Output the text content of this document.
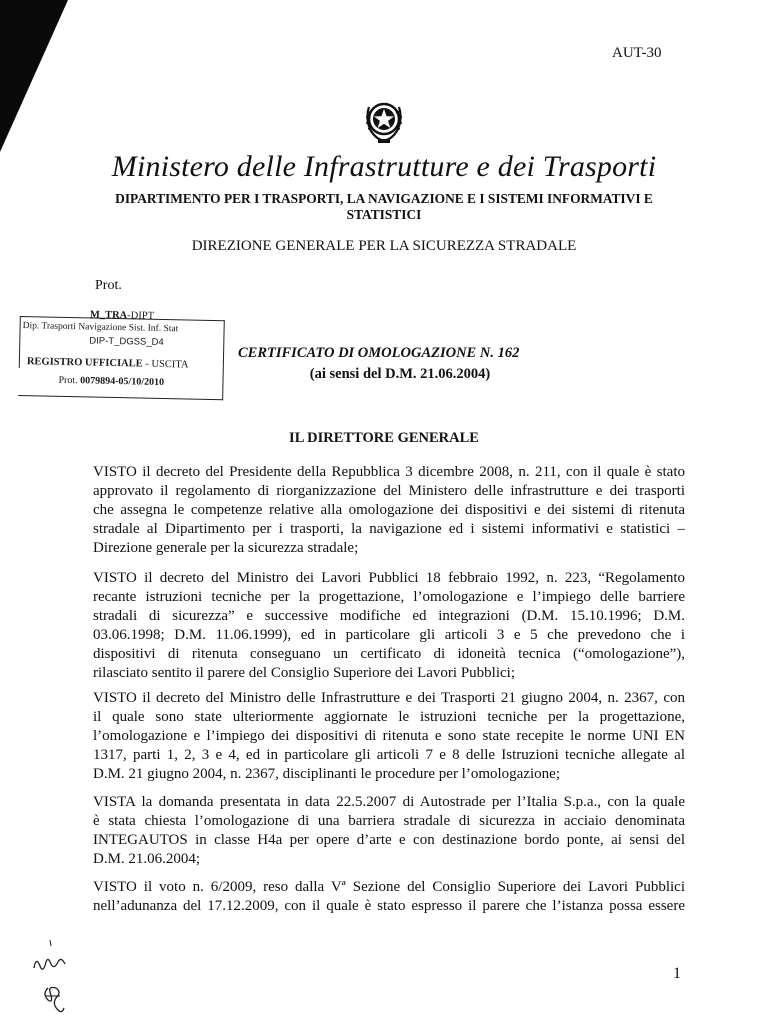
AUT-30
Ministero delle Infrastrutture e dei Trasporti
DIPARTIMENTO PER I TRASPORTI, LA NAVIGAZIONE E I SISTEMI INFORMATIVI E
STATISTICI
DIREZIONE GENERALE PER LA SICUREZZA STRADALE
Prot.
M_TRA-DIPT
Dip. Trasporti Navigazione Sist. Inf. Stat
DIP-T_DGSS_D4
REGISTRO UFFICIALE - USCITA
Prot. 0079894-05/10/2010
CERTIFICATO DI OMOLOGAZIONE N. 162
(ai sensi del D.M. 21.06.2004)
IL DIRETTORE GENERALE
VISTO il decreto del Presidente della Repubblica 3 dicembre 2008, n. 211, con il quale è stato
approvato il regolamento di riorganizzazione del Ministero delle infrastrutture e dei trasporti
che assegna le competenze relative alla omologazione dei dispositivi e dei sistemi di ritenuta
stradale al Dipartimento per i trasporti, la navigazione ed i sistemi informativi e statistici –
Direzione generale per la sicurezza stradale;
VISTO il decreto del Ministro dei Lavori Pubblici 18 febbraio 1992, n. 223, “Regolamento
recante istruzioni tecniche per la progettazione, l’omologazione e l’impiego delle barriere
stradali di sicurezza” e successive modifiche ed integrazioni (D.M. 15.10.1996; D.M.
03.06.1998; D.M. 11.06.1999), ed in particolare gli articoli 3 e 5 che prevedono che i
dispositivi di ritenuta conseguano un certificato di idoneità tecnica (“omologazione”),
rilasciato sentito il parere del Consiglio Superiore dei Lavori Pubblici;
VISTO il decreto del Ministro delle Infrastrutture e dei Trasporti 21 giugno 2004, n. 2367, con
il quale sono state ulteriormente aggiornate le istruzioni tecniche per la progettazione,
l’omologazione e l’impiego dei dispositivi di ritenuta e sono state recepite le norme UNI EN
1317, parti 1, 2, 3 e 4, ed in particolare gli articoli 7 e 8 delle Istruzioni tecniche allegate al
D.M. 21 giugno 2004, n. 2367, disciplinanti le procedure per l’omologazione;
VISTA la domanda presentata in data 22.5.2007 di Autostrade per l’Italia S.p.a., con la quale
è stata chiesta l’omologazione di una barriera stradale di sicurezza in acciaio denominata
INTEGAUTOS in classe H4a per opere d’arte e con destinazione bordo ponte, ai sensi del
D.M. 21.06.2004;
VISTO il voto n. 6/2009, reso dalla Vª Sezione del Consiglio Superiore dei Lavori Pubblici
nell’adunanza del 17.12.2009, con il quale è stato espresso il parere che l’istanza possa essere
1
